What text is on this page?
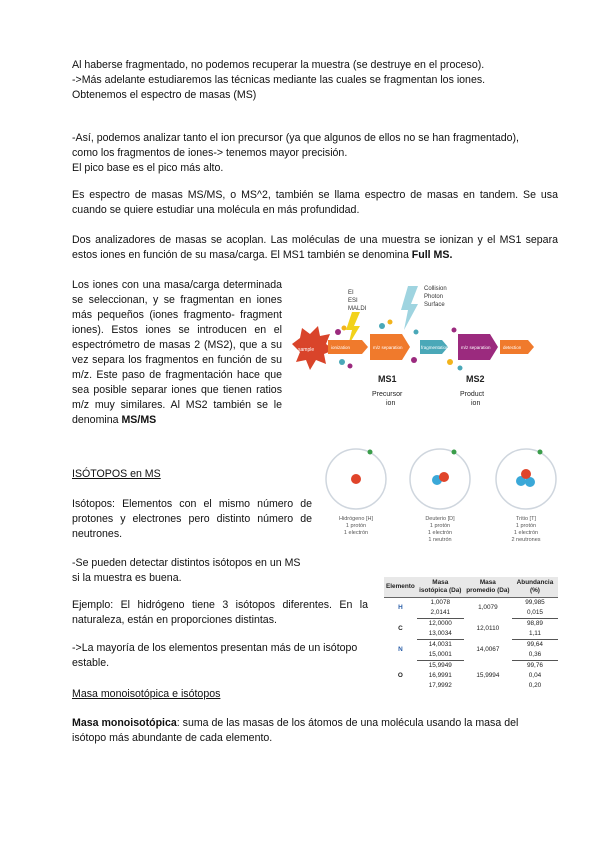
Al haberse fragmentado, no podemos recuperar la muestra (se destruye en el proceso).
->Más adelante estudiaremos las técnicas mediante las cuales se fragmentan los iones.
Obtenemos el espectro de masas (MS)
-Así, podemos analizar tanto el ion precursor (ya que algunos de ellos no se han fragmentado),
como los fragmentos de iones-> tenemos mayor precisión.
El pico base es el pico más alto.

Es espectro de masas MS/MS, o MS^2, también se llama espectro de masas en tandem. Se usa cuando se quiere estudiar una molécula en más profundidad.

Dos analizadores de masas se acoplan. Las moléculas de una muestra se ionizan y el MS1 separa estos iones en función de su masa/carga. El MS1 también se denomina Full MS.

Los iones con una masa/carga determinada se seleccionan, y se fragmentan en iones más pequeños (iones fragmento- fragment iones). Estos iones se introducen en el espectrómetro de masas 2 (MS2), que a su vez separa los fragmentos en función de su m/z. Este paso de fragmentación hace que sea posible separar iones que tienen ratios m/z muy similares. Al MS2 también se le denomina MS/MS

EI
ESI
MALDI
Collision
Photon
Surface
sample	ionization	m/z separation	fragmentation	m/z separation	detection
MS1	MS2
Precursor
ion
Product
ion
ISÓTOPOS en MS

Isótopos: Elementos con el mismo número de protones y electrones pero distinto número de neutrones.

-Se pueden detectar distintos isótopos en un MS
si la muestra es buena.

Ejemplo: El hidrógeno tiene 3 isótopos diferentes. En la naturaleza, están en proporciones distintas.

->La mayoría de los elementos presentan más de un isótopo
estable.
Hidrógeno [H]
1 protón
1 electrón
Deuterio [D]
1 protón
1 electrón
1 neutrón
Tritio [T]
1 protón
1 electrón
2 neutrones
Elemento	Masa isotópica (Da)	Masa promedio (Da)	Abundancia (%)
H	1,0078	1,0079	99,985
	2,0141		0,015
C	12,0000	12,0110	98,89
	13,0034		1,11
N	14,0031	14,0067	99,64
	15,0001		0,36
O	15,9949	15,9994	99,76
	16,9991		0,04
	17,9992		0,20
Masa monoisotópica e isótopos

Masa monoisotópica: suma de las masas de los átomos de una molécula usando la masa del isótopo más abundante de cada elemento.
